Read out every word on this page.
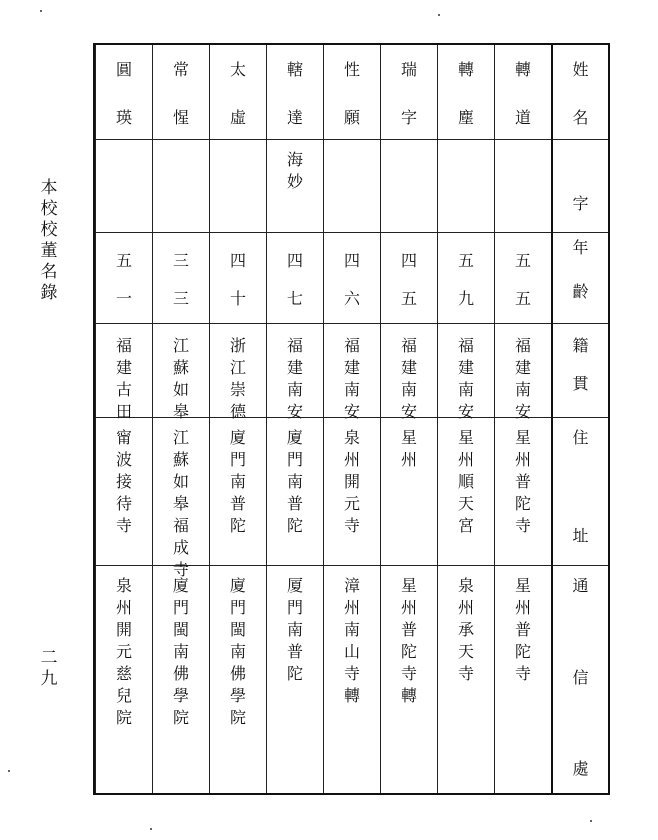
本校校董名錄
二九
圓
瑛
五
一
福建古田
甯波接待寺
泉州開元慈兒院
常
惺
三
三
江蘇如皋
江蘇如皋福成寺
廈門閩南佛學院
太
虛
四
十
浙江崇德
廈門南普陀
廈門閩南佛學院
轄
達
海妙
四
七
福建南安
廈門南普陀
厦門南普陀
性
願
四
六
福建南安
泉州開元寺
漳州南山寺轉
瑞
字
四
五
福建南安
星州
星州普陀寺轉
轉
塵
五
九
福建南安
星州順天宮
泉州承天寺
轉
道
五
五
福建南安
星州普陀寺
星州普陀寺
姓
名
字
年
齡
籍
貫
住
址
通
信
處
